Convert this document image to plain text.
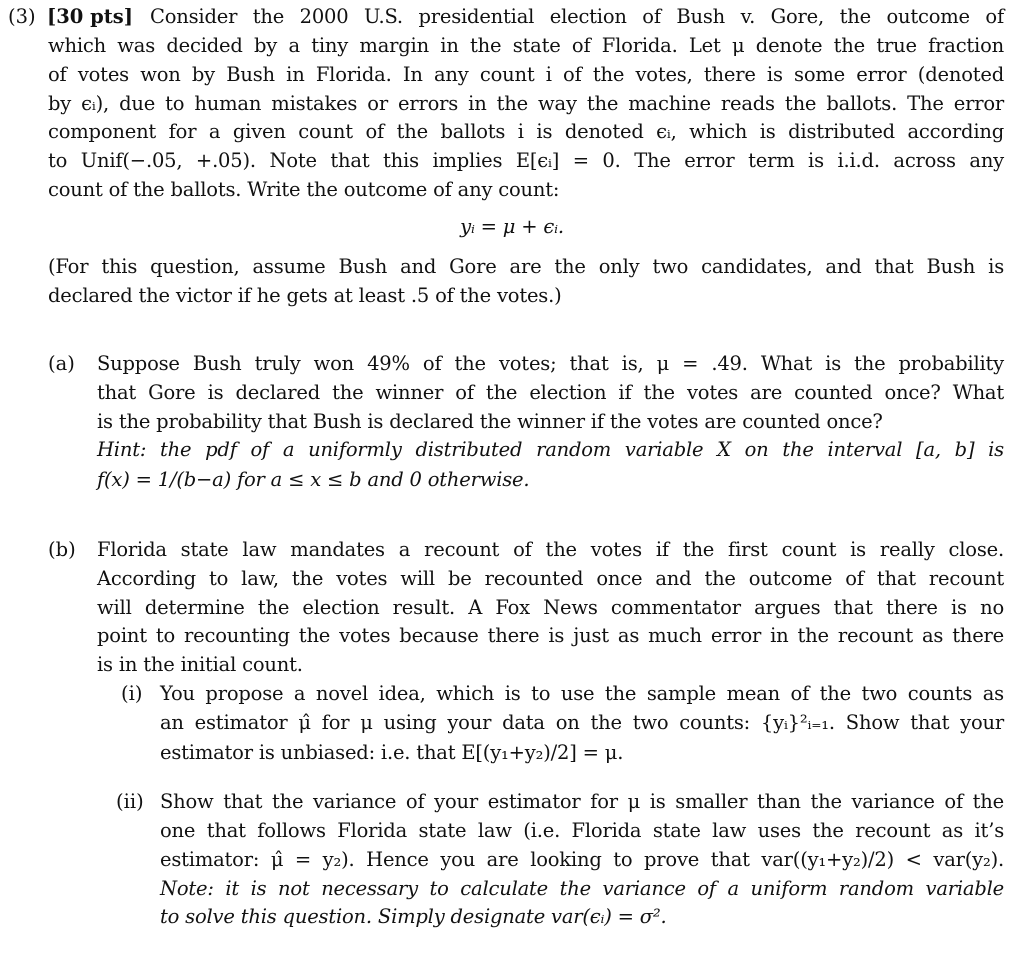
(3) [30 pts] Consider the 2000 U.S. presidential election of Bush v. Gore, the outcome of
which was decided by a tiny margin in the state of Florida. Let μ denote the true fraction
of votes won by Bush in Florida. In any count i of the votes, there is some error (denoted
by ϵᵢ), due to human mistakes or errors in the way the machine reads the ballots. The error
component for a given count of the ballots i is denoted ϵᵢ, which is distributed according
to Unif(−.05, +.05). Note that this implies E[ϵᵢ] = 0. The error term is i.i.d. across any
count of the ballots. Write the outcome of any count:
yᵢ = μ + ϵᵢ.
(For this question, assume Bush and Gore are the only two candidates, and that Bush is
declared the victor if he gets at least .5 of the votes.)
(a) Suppose Bush truly won 49% of the votes; that is, μ = .49. What is the probability
that Gore is declared the winner of the election if the votes are counted once? What
is the probability that Bush is declared the winner if the votes are counted once?
Hint: the pdf of a uniformly distributed random variable X on the interval [a, b] is
f(x) = 1/(b−a) for a ≤ x ≤ b and 0 otherwise.
(b) Florida state law mandates a recount of the votes if the first count is really close.
According to law, the votes will be recounted once and the outcome of that recount
will determine the election result. A Fox News commentator argues that there is no
point to recounting the votes because there is just as much error in the recount as there
is in the initial count.
(i) You propose a novel idea, which is to use the sample mean of the two counts as
an estimator μ̂ for μ using your data on the two counts: {yᵢ}²ᵢ₌₁. Show that your
estimator is unbiased: i.e. that E[(y₁+y₂)/2] = μ.
(ii) Show that the variance of your estimator for μ is smaller than the variance of the
one that follows Florida state law (i.e. Florida state law uses the recount as it’s
estimator: μ̂ = y₂). Hence you are looking to prove that var((y₁+y₂)/2) < var(y₂).
Note: it is not necessary to calculate the variance of a uniform random variable
to solve this question. Simply designate var(ϵᵢ) = σ².
